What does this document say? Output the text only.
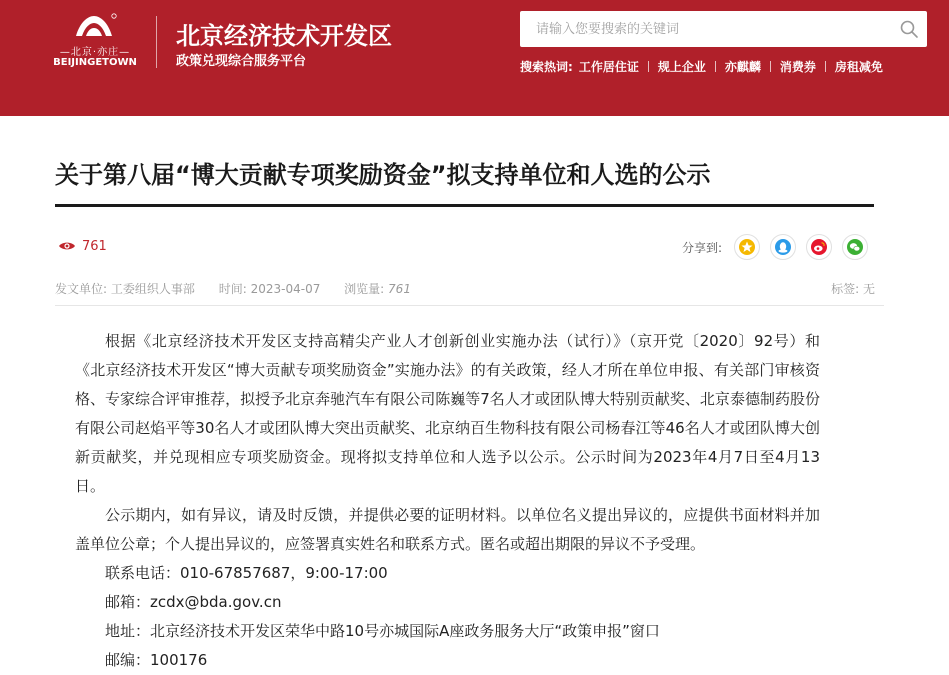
—北京·亦庄—
BEIJINGETOWN
北京经济技术开发区
政策兑现综合服务平台
请输入您要搜索的关键词	搜索热词: 工作居住证 规上企业 亦麒麟 消费券 房租减免
关于第八届“博大贡献专项奖励资金”拟支持单位和人选的公示
761	分享到:
发文单位: 工委组织人事部 时间: 2023-04-07 浏览量: 761	标签: 无

根据《北京经济技术开发区支持高精尖产业人才创新创业实施办法（试行）》（京开党〔2020〕92号）和《北京经济技术开发区“博大贡献专项奖励资金”实施办法》的有关政策，经人才所在单位申报、有关部门审核资格、专家综合评审推荐，拟授予北京奔驰汽车有限公司陈巍等7名人才或团队博大特别贡献奖、北京泰德制药股份有限公司赵焰平等30名人才或团队博大突出贡献奖、北京纳百生物科技有限公司杨春江等46名人才或团队博大创新贡献奖，并兑现相应专项奖励资金。现将拟支持单位和人选予以公示。公示时间为2023年4月7日至4月13日。

公示期内，如有异议，请及时反馈，并提供必要的证明材料。以单位名义提出异议的，应提供书面材料并加盖单位公章；个人提出异议的，应签署真实姓名和联系方式。匿名或超出期限的异议不予受理。

联系电话：010-67857687，9:00-17:00

邮箱：zcdx@bda.gov.cn

地址：北京经济技术开发区荣华中路10号亦城国际A座政务服务大厅“政策申报”窗口

邮编：100176
